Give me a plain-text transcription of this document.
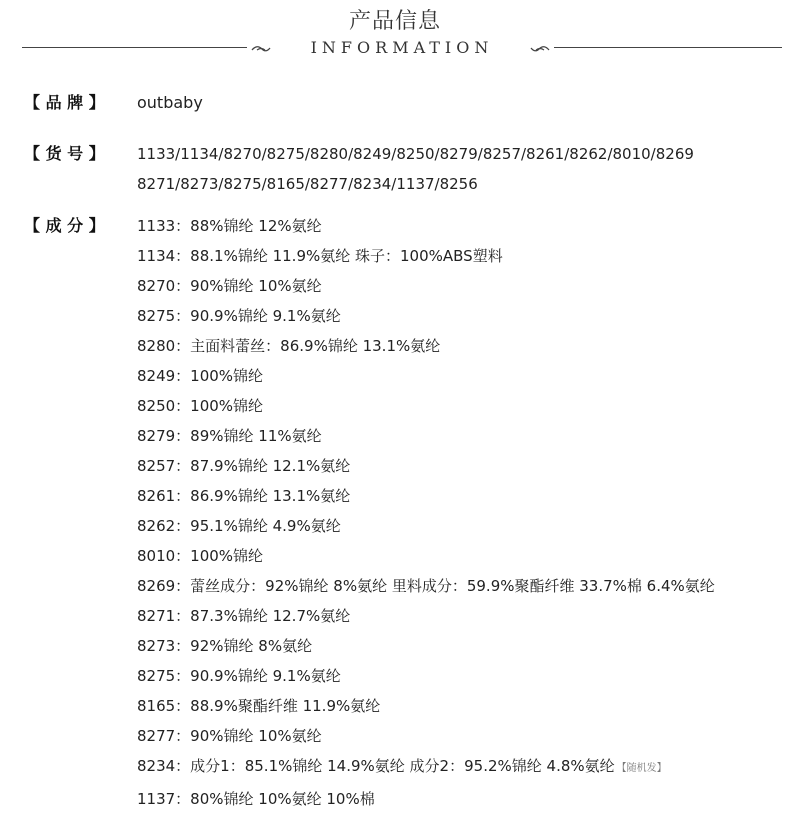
产品信息
INFORMATION
【 品 牌 】	outbaby
【 货 号 】	1133/1134/8270/8275/8280/8249/8250/8279/8257/8261/8262/8010/8269
8271/8273/8275/8165/8277/8234/1137/8256
【 成 分 】	1133：88%锦纶 12%氨纶
1134：88.1%锦纶 11.9%氨纶 珠子：100%ABS塑料
8270：90%锦纶 10%氨纶
8275：90.9%锦纶 9.1%氨纶
8280：主面料蕾丝：86.9%锦纶 13.1%氨纶
8249：100%锦纶
8250：100%锦纶
8279：89%锦纶 11%氨纶
8257：87.9%锦纶 12.1%氨纶
8261：86.9%锦纶 13.1%氨纶
8262：95.1%锦纶 4.9%氨纶
8010：100%锦纶
8269：蕾丝成分：92%锦纶 8%氨纶 里料成分：59.9%聚酯纤维 33.7%棉 6.4%氨纶
8271：87.3%锦纶 12.7%氨纶
8273：92%锦纶 8%氨纶
8275：90.9%锦纶 9.1%氨纶
8165：88.9%聚酯纤维 11.9%氨纶
8277：90%锦纶 10%氨纶
8234：成分1：85.1%锦纶 14.9%氨纶 成分2：95.2%锦纶 4.8%氨纶 【随机发】
1137：80%锦纶 10%氨纶 10%棉
